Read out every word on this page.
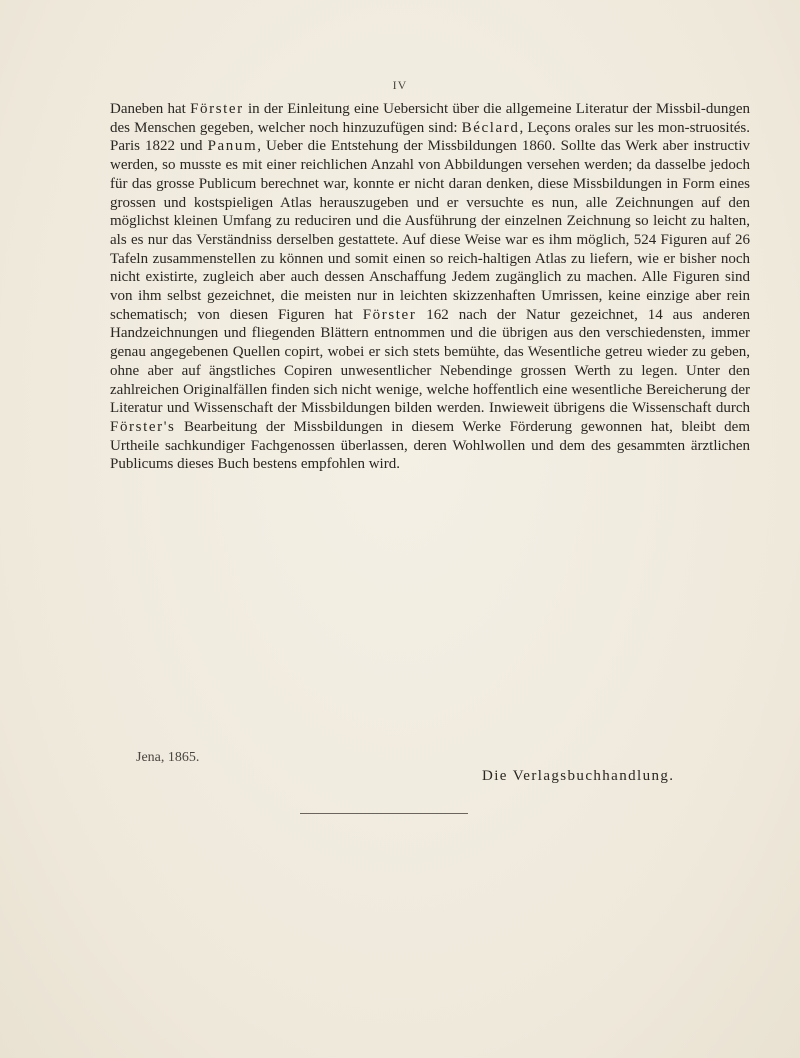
IV

Daneben hat Förster in der Einleitung eine Uebersicht über die allgemeine Literatur der Missbil-dungen des Menschen gegeben, welcher noch hinzuzufügen sind: Béclard, Leçons orales sur les mon-struosités. Paris 1822 und Panum, Ueber die Entstehung der Missbildungen 1860. Sollte das Werk aber instructiv werden, so musste es mit einer reichlichen Anzahl von Abbildungen versehen werden; da dasselbe jedoch für das grosse Publicum berechnet war, konnte er nicht daran denken, diese Missbildungen in Form eines grossen und kostspieligen Atlas herauszugeben und er versuchte es nun, alle Zeichnungen auf den möglichst kleinen Umfang zu reduciren und die Ausführung der einzelnen Zeichnung so leicht zu halten, als es nur das Verständniss derselben gestattete. Auf diese Weise war es ihm möglich, 524 Figuren auf 26 Tafeln zusammenstellen zu können und somit einen so reich-haltigen Atlas zu liefern, wie er bisher noch nicht existirte, zugleich aber auch dessen Anschaffung Jedem zugänglich zu machen. Alle Figuren sind von ihm selbst gezeichnet, die meisten nur in leichten skizzenhaften Umrissen, keine einzige aber rein schematisch; von diesen Figuren hat Förster 162 nach der Natur gezeichnet, 14 aus anderen Handzeichnungen und fliegenden Blättern entnommen und die übrigen aus den verschiedensten, immer genau angegebenen Quellen copirt, wobei er sich stets bemühte, das Wesentliche getreu wieder zu geben, ohne aber auf ängstliches Copiren unwesentlicher Nebendinge grossen Werth zu legen. Unter den zahlreichen Originalfällen finden sich nicht wenige, welche hoffentlich eine wesentliche Bereicherung der Literatur und Wissenschaft der Missbildungen bilden werden. Inwieweit übrigens die Wissenschaft durch Förster's Bearbeitung der Missbildungen in diesem Werke Förderung gewonnen hat, bleibt dem Urtheile sachkundiger Fachgenossen überlassen, deren Wohlwollen und dem des gesammten ärztlichen Publicums dieses Buch bestens empfohlen wird.

Jena, 1865.
Die Verlagsbuchhandlung.
